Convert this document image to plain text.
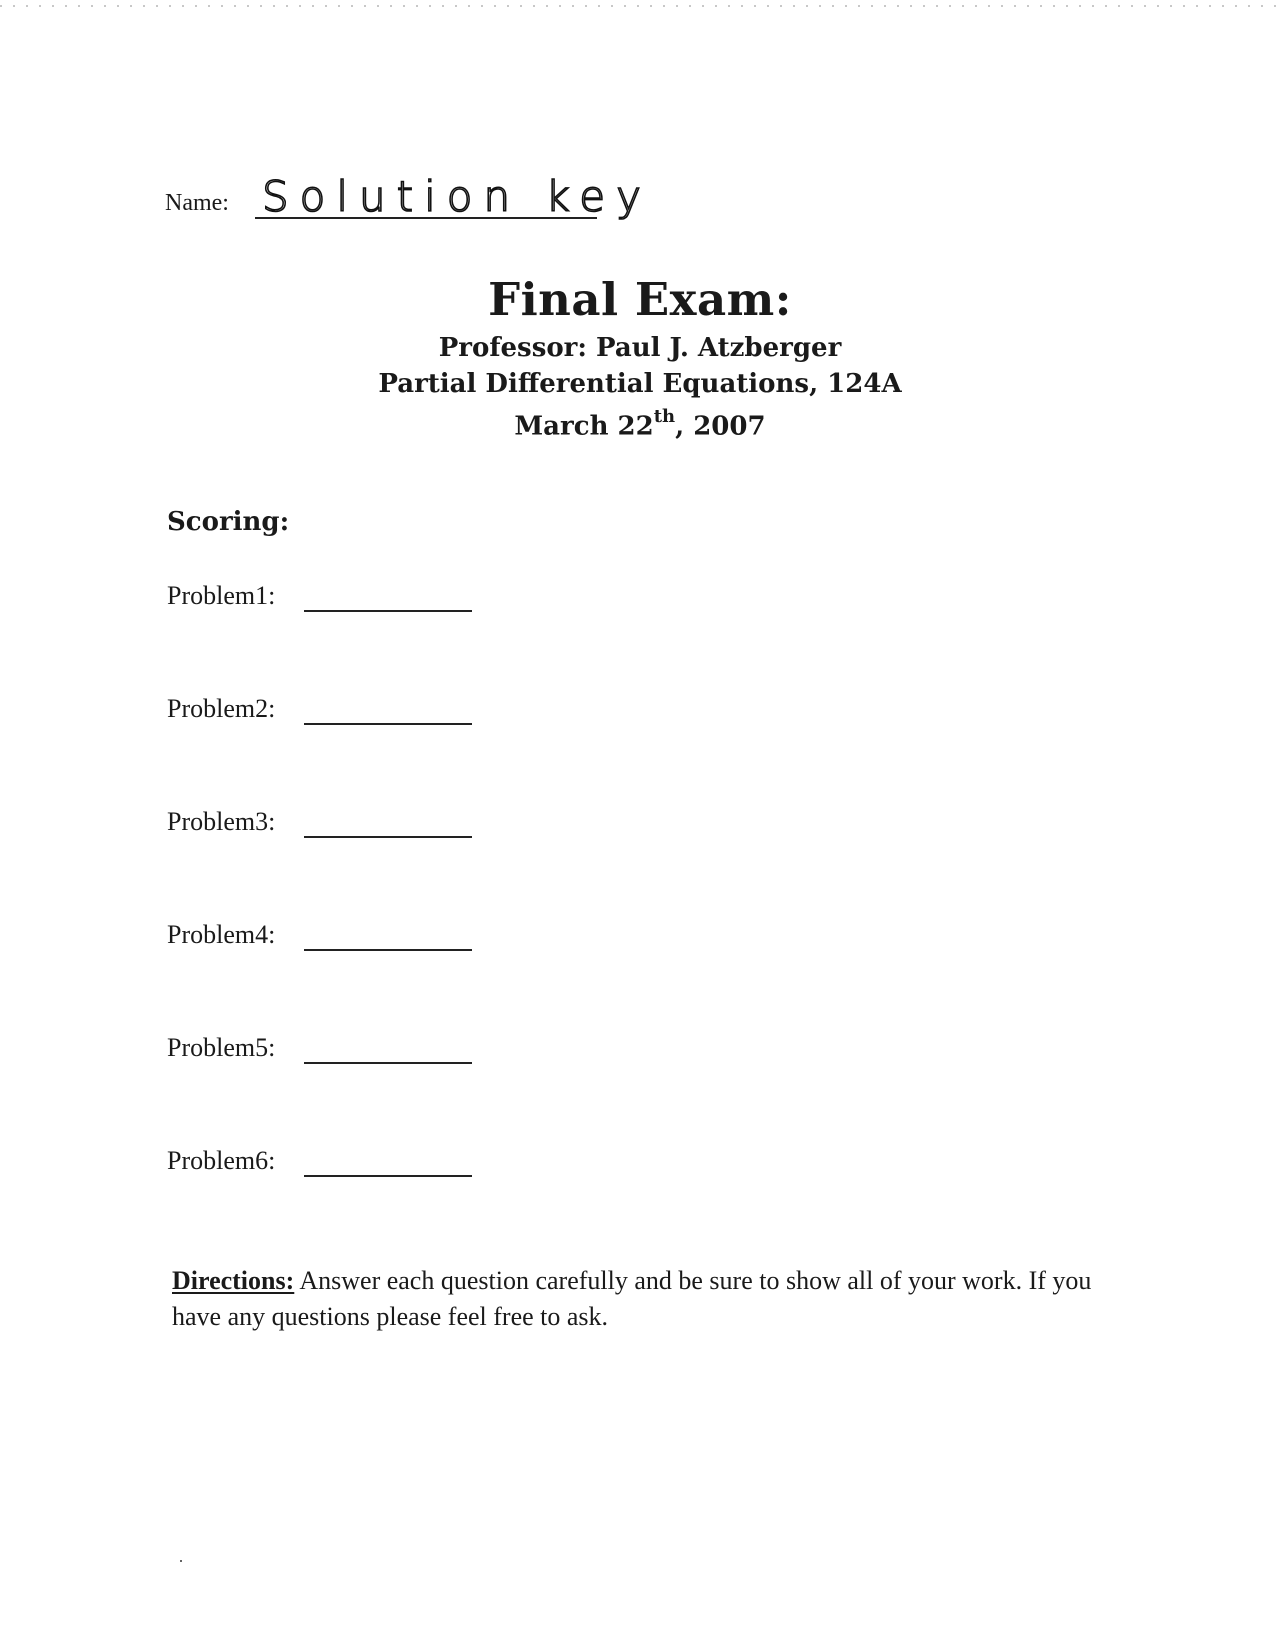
Name: Solution key
Final Exam:
Professor: Paul J. Atzberger
Partial Differential Equations, 124A
March 22th, 2007
Scoring:
Problem1:
Problem2:
Problem3:
Problem4:
Problem5:
Problem6:
Directions: Answer each question carefully and be sure to show all of your work. If you have any questions please feel free to ask.
